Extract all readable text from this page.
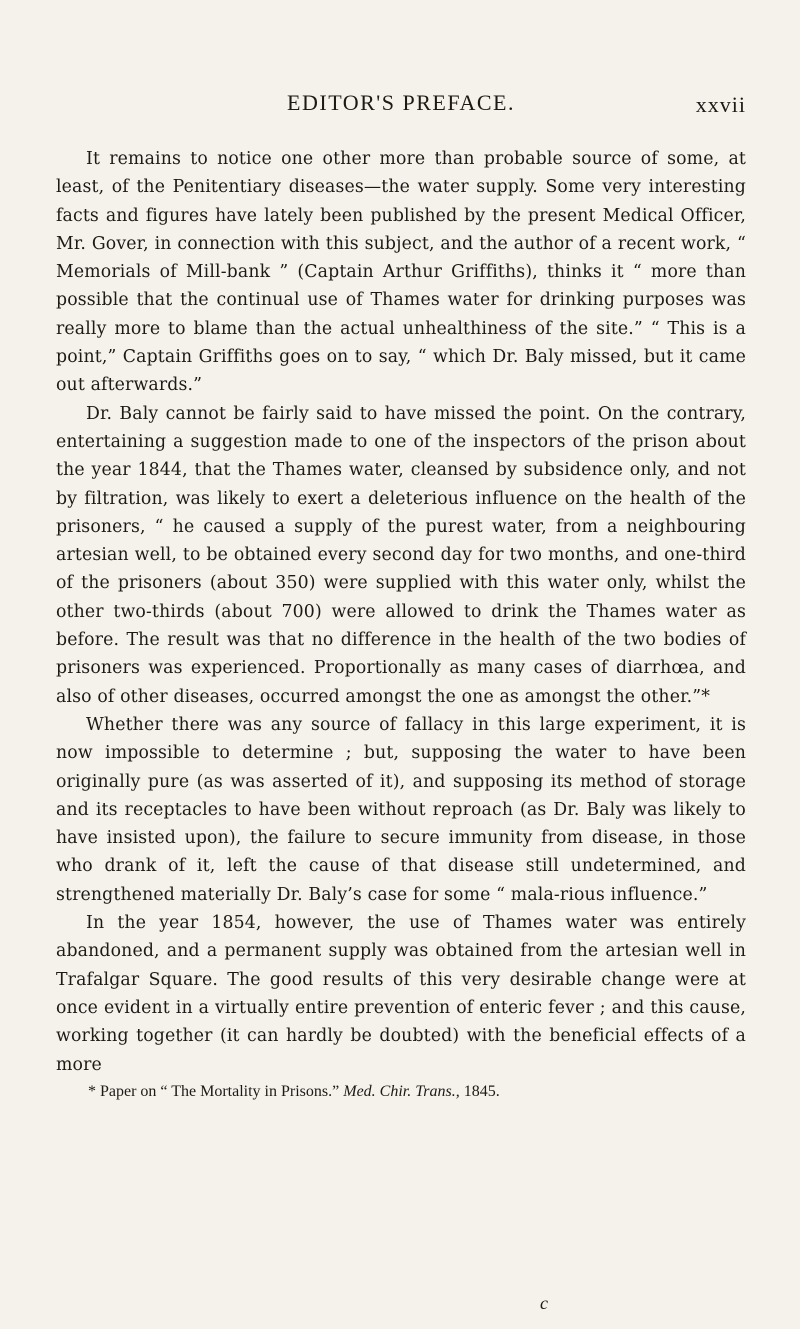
EDITOR'S PREFACE.	xxvii

It remains to notice one other more than probable source of some, at least, of the Penitentiary diseases—the water supply. Some very interesting facts and figures have lately been published by the present Medical Officer, Mr. Gover, in connection with this subject, and the author of a recent work, “ Memorials of Mill-bank ” (Captain Arthur Griffiths), thinks it “ more than possible that the continual use of Thames water for drinking purposes was really more to blame than the actual unhealthiness of the site.” “ This is a point,” Captain Griffiths goes on to say, “ which Dr. Baly missed, but it came out afterwards.”

Dr. Baly cannot be fairly said to have missed the point. On the contrary, entertaining a suggestion made to one of the inspectors of the prison about the year 1844, that the Thames water, cleansed by subsidence only, and not by filtration, was likely to exert a deleterious influence on the health of the prisoners, “ he caused a supply of the purest water, from a neighbouring artesian well, to be obtained every second day for two months, and one-third of the prisoners (about 350) were supplied with this water only, whilst the other two-thirds (about 700) were allowed to drink the Thames water as before. The result was that no difference in the health of the two bodies of prisoners was experienced. Proportionally as many cases of diarrhœa, and also of other diseases, occurred amongst the one as amongst the other.”*

Whether there was any source of fallacy in this large experiment, it is now impossible to determine ; but, supposing the water to have been originally pure (as was asserted of it), and supposing its method of storage and its receptacles to have been without reproach (as Dr. Baly was likely to have insisted upon), the failure to secure immunity from disease, in those who drank of it, left the cause of that disease still undetermined, and strengthened materially Dr. Baly’s case for some “ mala-rious influence.”

In the year 1854, however, the use of Thames water was entirely abandoned, and a permanent supply was obtained from the artesian well in Trafalgar Square. The good results of this very desirable change were at once evident in a virtually entire prevention of enteric fever ; and this cause, working together (it can hardly be doubted) with the beneficial effects of a more

* Paper on “ The Mortality in Prisons.” Med. Chir. Trans., 1845.
c
